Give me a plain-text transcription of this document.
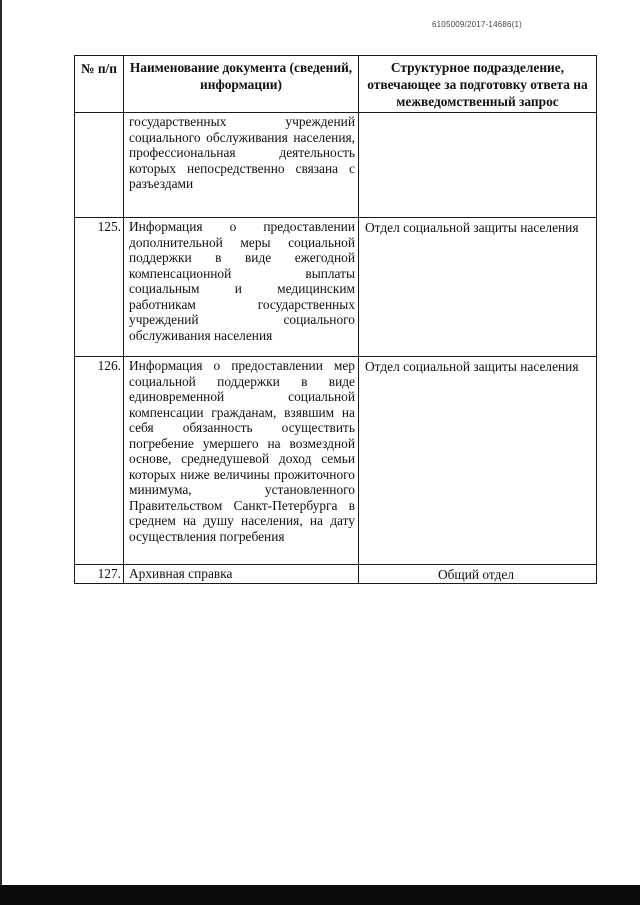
6105009/2017-14686(1)
№ п/п	Наименование документа (сведений, информации)	Структурное подразделение, отвечающее за подготовку ответа на межведомственный запрос
	государственных учреждений социального обслуживания населения, профессиональная деятельность которых непосредственно связана с разъездами	
125.	Информация о предоставлении дополнительной меры социальной поддержки в виде ежегодной компенсационной выплаты социальным и медицинским работникам государственных учреждений социального обслуживания населения	Отдел социальной защиты населения
126.	Информация о предоставлении мер социальной поддержки в виде единовременной социальной компенсации гражданам, взявшим на себя обязанность осуществить погребение умершего на возмездной основе, среднедушевой доход семьи которых ниже величины прожиточного минимума, установленного Правительством Санкт-Петербурга в среднем на душу населения, на дату осуществления погребения	Отдел социальной защиты населения
127.	Архивная справка	Общий отдел
